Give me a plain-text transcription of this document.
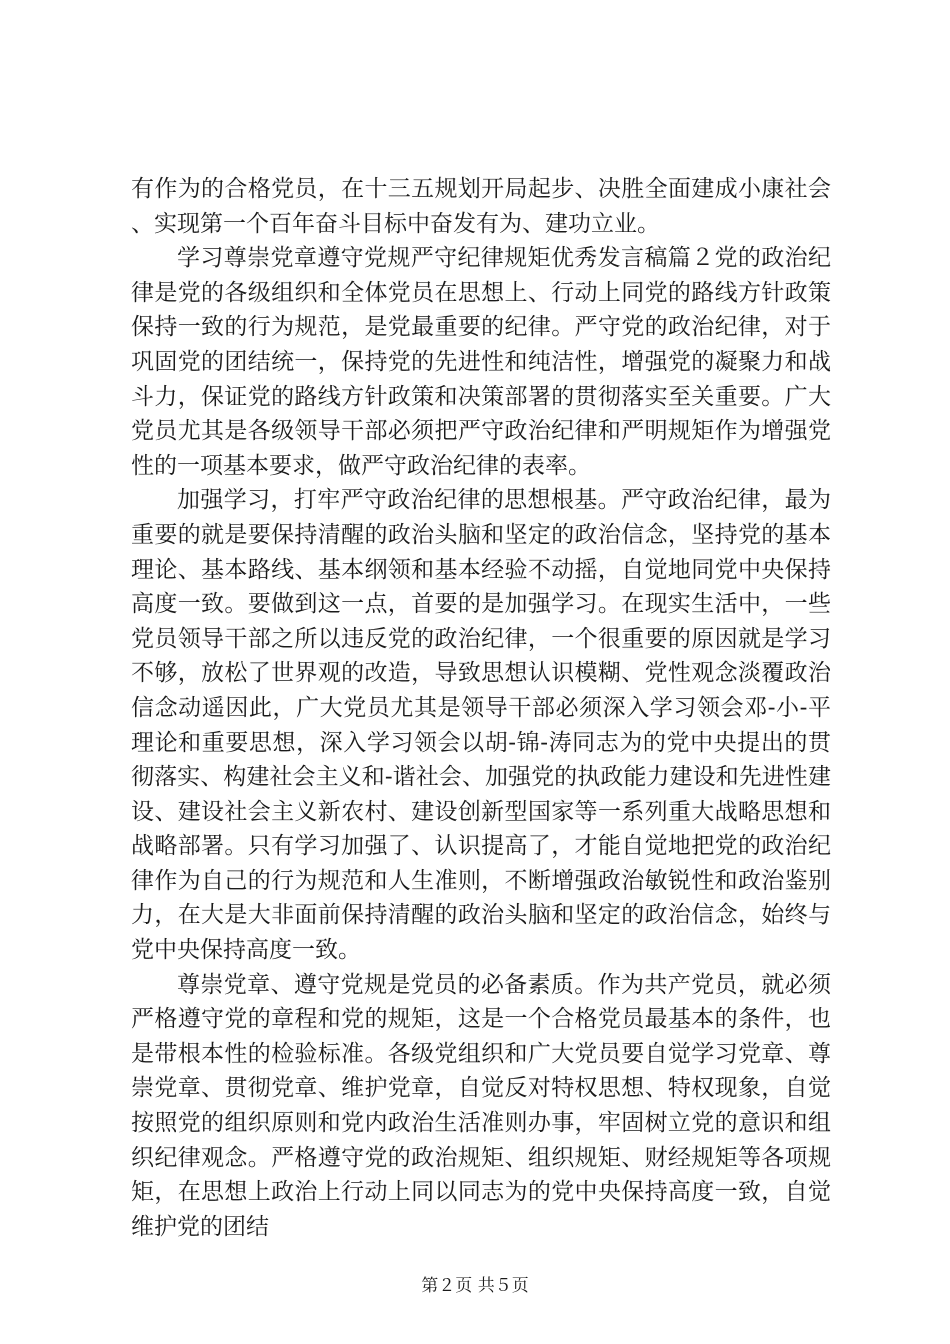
有作为的合格党员，在十三五规划开局起步、决胜全面建成小康社会、实现第一个百年奋斗目标中奋发有为、建功立业。

学习尊崇党章遵守党规严守纪律规矩优秀发言稿篇２党的政治纪律是党的各级组织和全体党员在思想上、行动上同党的路线方针政策保持一致的行为规范，是党最重要的纪律。严守党的政治纪律，对于巩固党的团结统一，保持党的先进性和纯洁性，增强党的凝聚力和战斗力，保证党的路线方针政策和决策部署的贯彻落实至关重要。广大党员尤其是各级领导干部必须把严守政治纪律和严明规矩作为增强党性的一项基本要求，做严守政治纪律的表率。

加强学习，打牢严守政治纪律的思想根基。严守政治纪律，最为重要的就是要保持清醒的政治头脑和坚定的政治信念，坚持党的基本理论、基本路线、基本纲领和基本经验不动摇，自觉地同党中央保持高度一致。要做到这一点，首要的是加强学习。在现实生活中，一些党员领导干部之所以违反党的政治纪律，一个很重要的原因就是学习不够，放松了世界观的改造，导致思想认识模糊、党性观念淡覆政治信念动遥因此，广大党员尤其是领导干部必须深入学习领会邓-小-平理论和重要思想，深入学习领会以胡-锦-涛同志为的党中央提出的贯彻落实、构建社会主义和-谐社会、加强党的执政能力建设和先进性建设、建设社会主义新农村、建设创新型国家等一系列重大战略思想和战略部署。只有学习加强了、认识提高了，才能自觉地把党的政治纪律作为自己的行为规范和人生准则，不断增强政治敏锐性和政治鉴别力，在大是大非面前保持清醒的政治头脑和坚定的政治信念，始终与党中央保持高度一致。

尊崇党章、遵守党规是党员的必备素质。作为共产党员，就必须严格遵守党的章程和党的规矩，这是一个合格党员最基本的条件，也是带根本性的检验标准。各级党组织和广大党员要自觉学习党章、尊崇党章、贯彻党章、维护党章，自觉反对特权思想、特权现象，自觉按照党的组织原则和党内政治生活准则办事，牢固树立党的意识和组织纪律观念。严格遵守党的政治规矩、组织规矩、财经规矩等各项规矩，在思想上政治上行动上同以同志为的党中央保持高度一致，自觉维护党的团结

第２页 共５页
